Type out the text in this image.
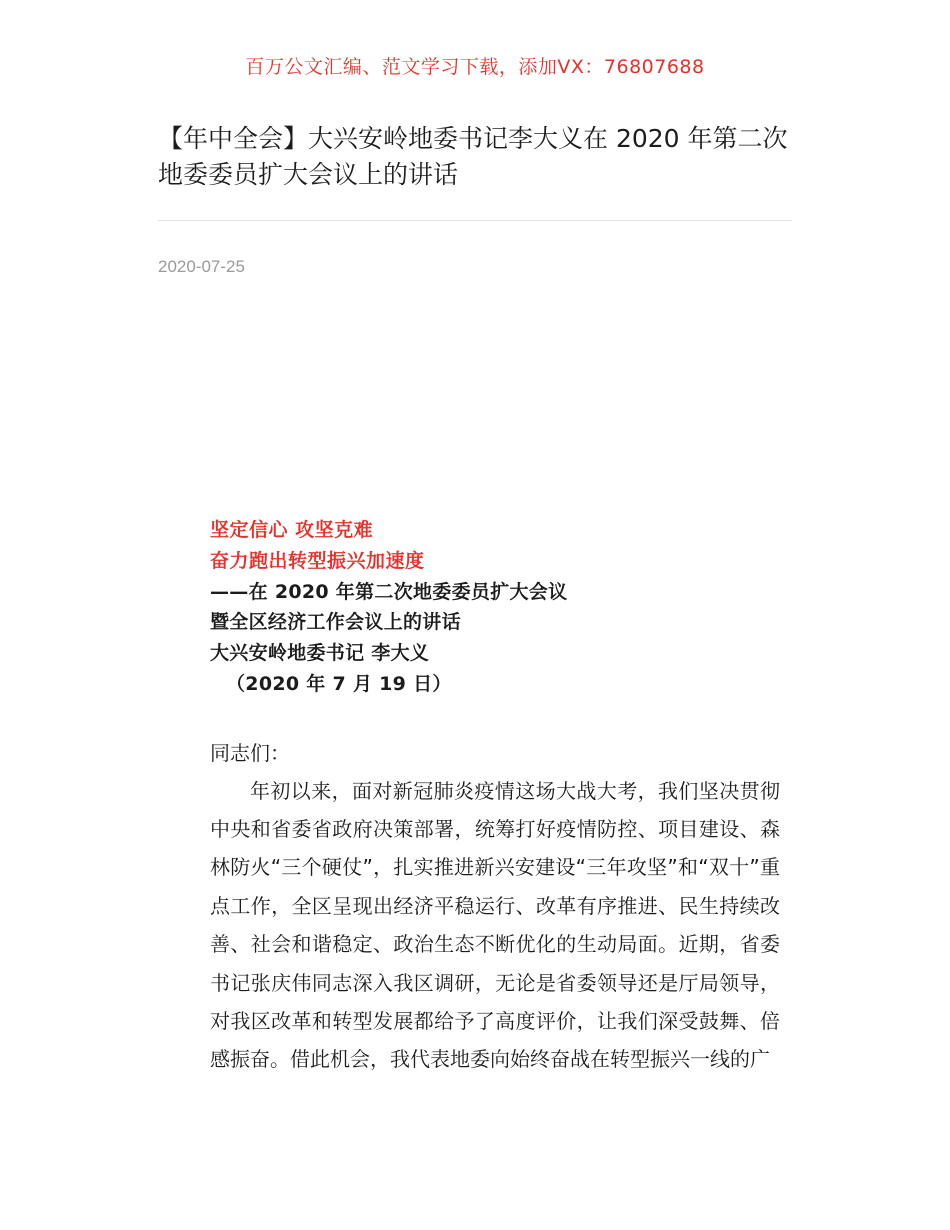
百万公文汇编、范文学习下载，添加VX：76807688
【年中全会】大兴安岭地委书记李大义在 2020 年第二次地委委员扩大会议上的讲话
2020-07-25
坚定信心 攻坚克难
奋力跑出转型振兴加速度
——在 2020 年第二次地委委员扩大会议
暨全区经济工作会议上的讲话
大兴安岭地委书记 李大义
（2020 年 7 月 19 日）
同志们：

年初以来，面对新冠肺炎疫情这场大战大考，我们坚决贯彻中央和省委省政府决策部署，统筹打好疫情防控、项目建设、森林防火“三个硬仗”，扎实推进新兴安建设“三年攻坚”和“双十”重点工作，全区呈现出经济平稳运行、改革有序推进、民生持续改善、社会和谐稳定、政治生态不断优化的生动局面。近期，省委书记张庆伟同志深入我区调研，无论是省委领导还是厅局领导，对我区改革和转型发展都给予了高度评价，让我们深受鼓舞、倍感振奋。借此机会，我代表地委向始终奋战在转型振兴一线的广
